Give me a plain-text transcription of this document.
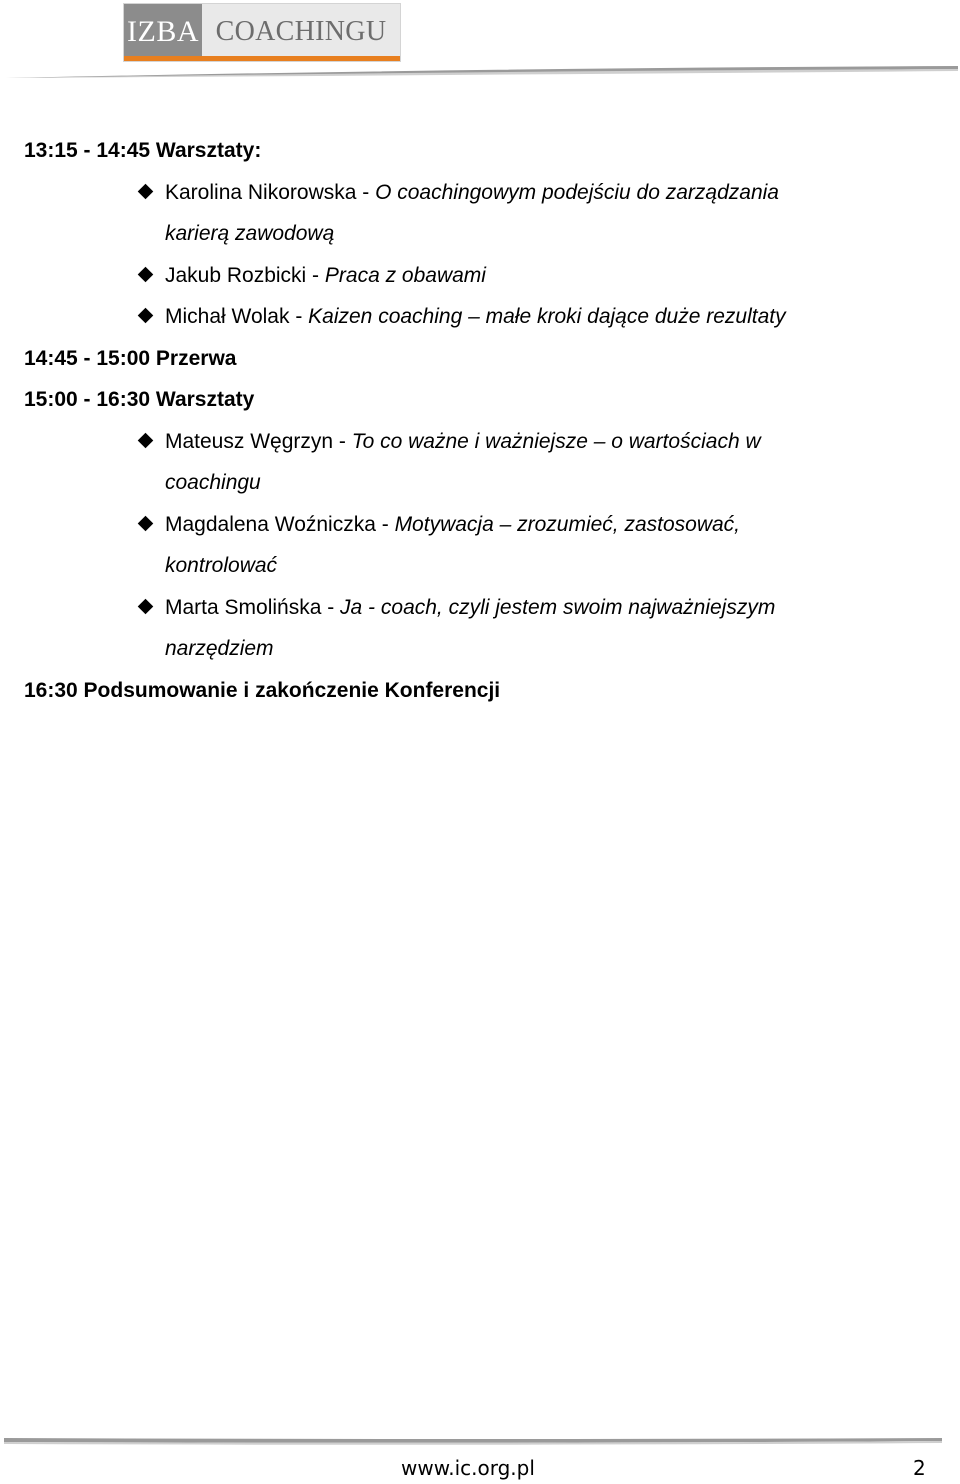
IZBA COACHINGU
13:15 - 14:45 Warsztaty:
Karolina Nikorowska - O coachingowym podejściu do zarządzania
karierą zawodową
Jakub Rozbicki - Praca z obawami
Michał Wolak - Kaizen coaching – małe kroki dające duże rezultaty
14:45 - 15:00 Przerwa
15:00 - 16:30 Warsztaty
Mateusz Węgrzyn - To co ważne i ważniejsze – o wartościach w
coachingu
Magdalena Woźniczka - Motywacja – zrozumieć, zastosować,
kontrolować
Marta Smolińska - Ja - coach, czyli jestem swoim najważniejszym
narzędziem
16:30 Podsumowanie i zakończenie Konferencji
www.ic.org.pl	2
